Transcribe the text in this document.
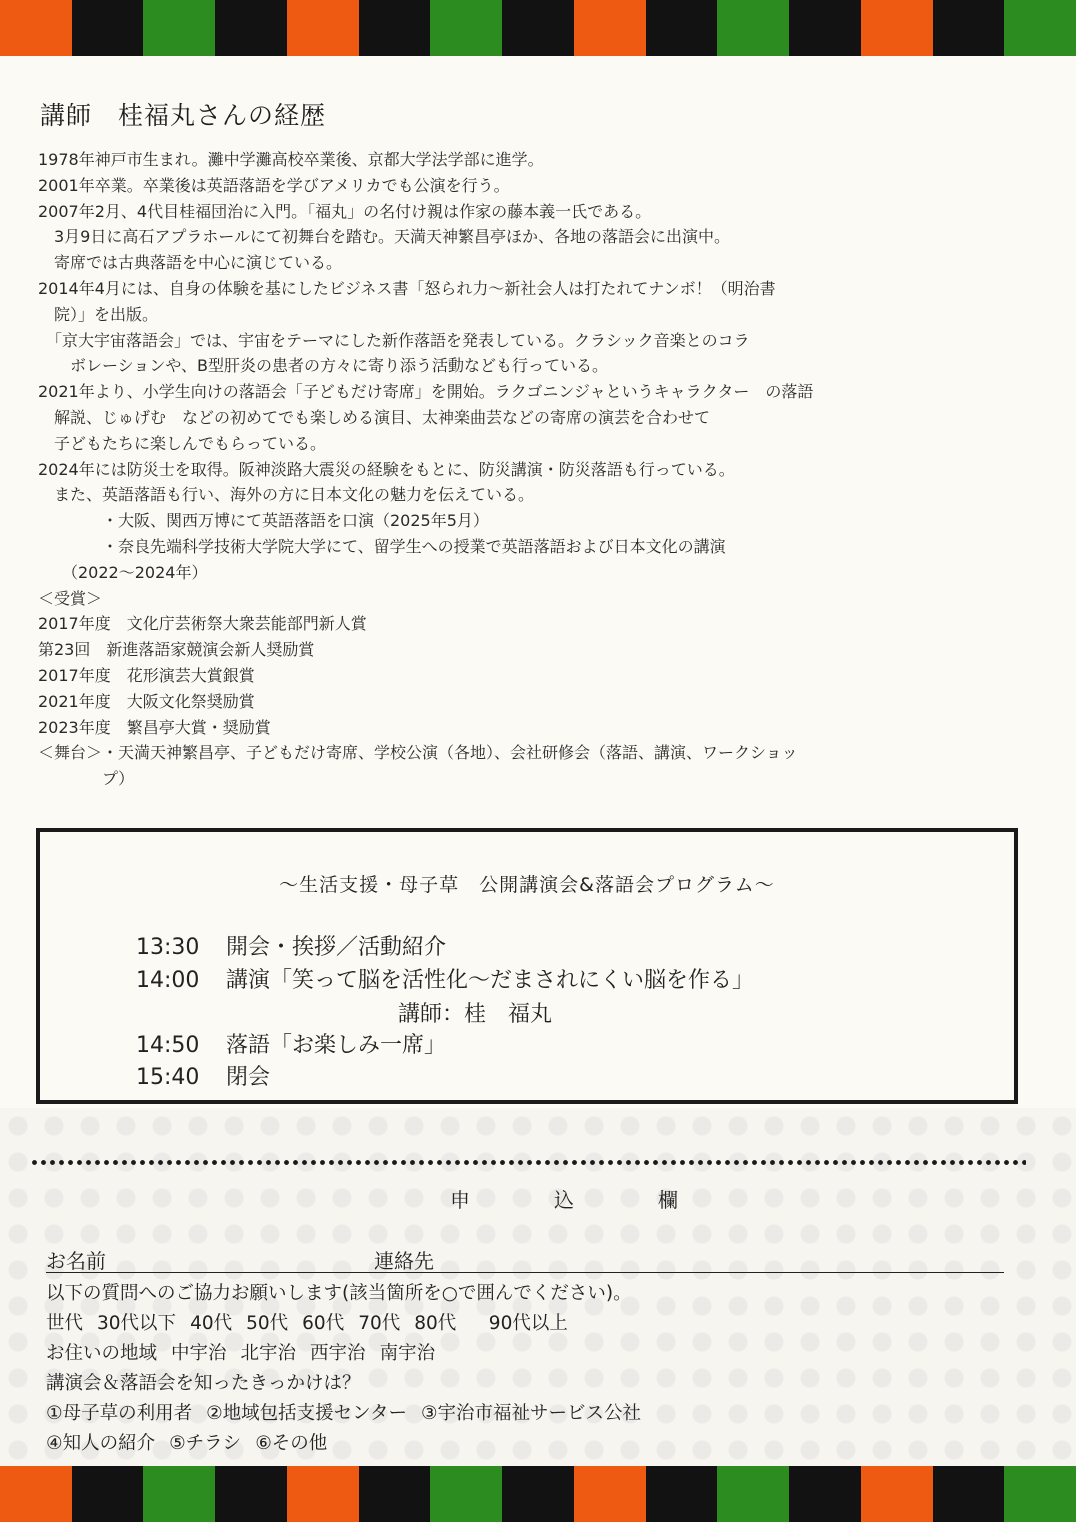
講師　桂福丸さんの経歴
1978年神戸市生まれ。灘中学灘高校卒業後、京都大学法学部に進学。
2001年卒業。卒業後は英語落語を学びアメリカでも公演を行う。
2007年2月、4代目桂福団治に入門。「福丸」の名付け親は作家の藤本義一氏である。
　3月9日に高石アプラホールにて初舞台を踏む。天満天神繁昌亭ほか、各地の落語会に出演中。
　寄席では古典落語を中心に演じている。
2014年4月には、自身の体験を基にしたビジネス書「怒られ力～新社会人は打たれてナンボ！（明治書
　院）」を出版。
　「京大宇宙落語会」では、宇宙をテーマにした新作落語を発表している。クラシック音楽とのコラ
　　ボレーションや、B型肝炎の患者の方々に寄り添う活動なども行っている。
2021年より、小学生向けの落語会「子どもだけ寄席」を開始。ラクゴニンジャというキャラクター　の落語
　解説、じゅげむ　などの初めてでも楽しめる演目、太神楽曲芸などの寄席の演芸を合わせて
　子どもたちに楽しんでもらっている。
2024年には防災士を取得。阪神淡路大震災の経験をもとに、防災講演・防災落語も行っている。
　また、英語落語も行い、海外の方に日本文化の魅力を伝えている。
　　　　・大阪、関西万博にて英語落語を口演（2025年5月）
　　　　・奈良先端科学技術大学院大学にて、留学生への授業で英語落語および日本文化の講演
　　（2022～2024年）
＜受賞＞
2017年度　文化庁芸術祭大衆芸能部門新人賞
第23回　新進落語家競演会新人奨励賞
2017年度　花形演芸大賞銀賞
2021年度　大阪文化祭奨励賞
2023年度　繁昌亭大賞・奨励賞
＜舞台＞・天満天神繁昌亭、子どもだけ寄席、学校公演（各地）、会社研修会（落語、講演、ワークショッ
　　　　プ）
～生活支援・母子草　公開講演会&落語会プログラム～
13:30 開会・挨拶／活動紹介
14:00 講演「笑って脳を活性化～だまされにくい脳を作る」
講師：桂　福丸
14:50 落語「お楽しみ一席」
15:40 閉会
申	込	欄
お名前	連絡先
以下の質問へのご協力お願いします(該当箇所を○で囲んでください)。
世代 30代以下 40代 50代 60代 70代 80代　90代以上
お住いの地域 中宇治 北宇治 西宇治 南宇治
講演会＆落語会を知ったきっかけは？
①母子草の利用者 ②地域包括支援センター ③宇治市福祉サービス公社
④知人の紹介 ⑤チラシ ⑥その他
